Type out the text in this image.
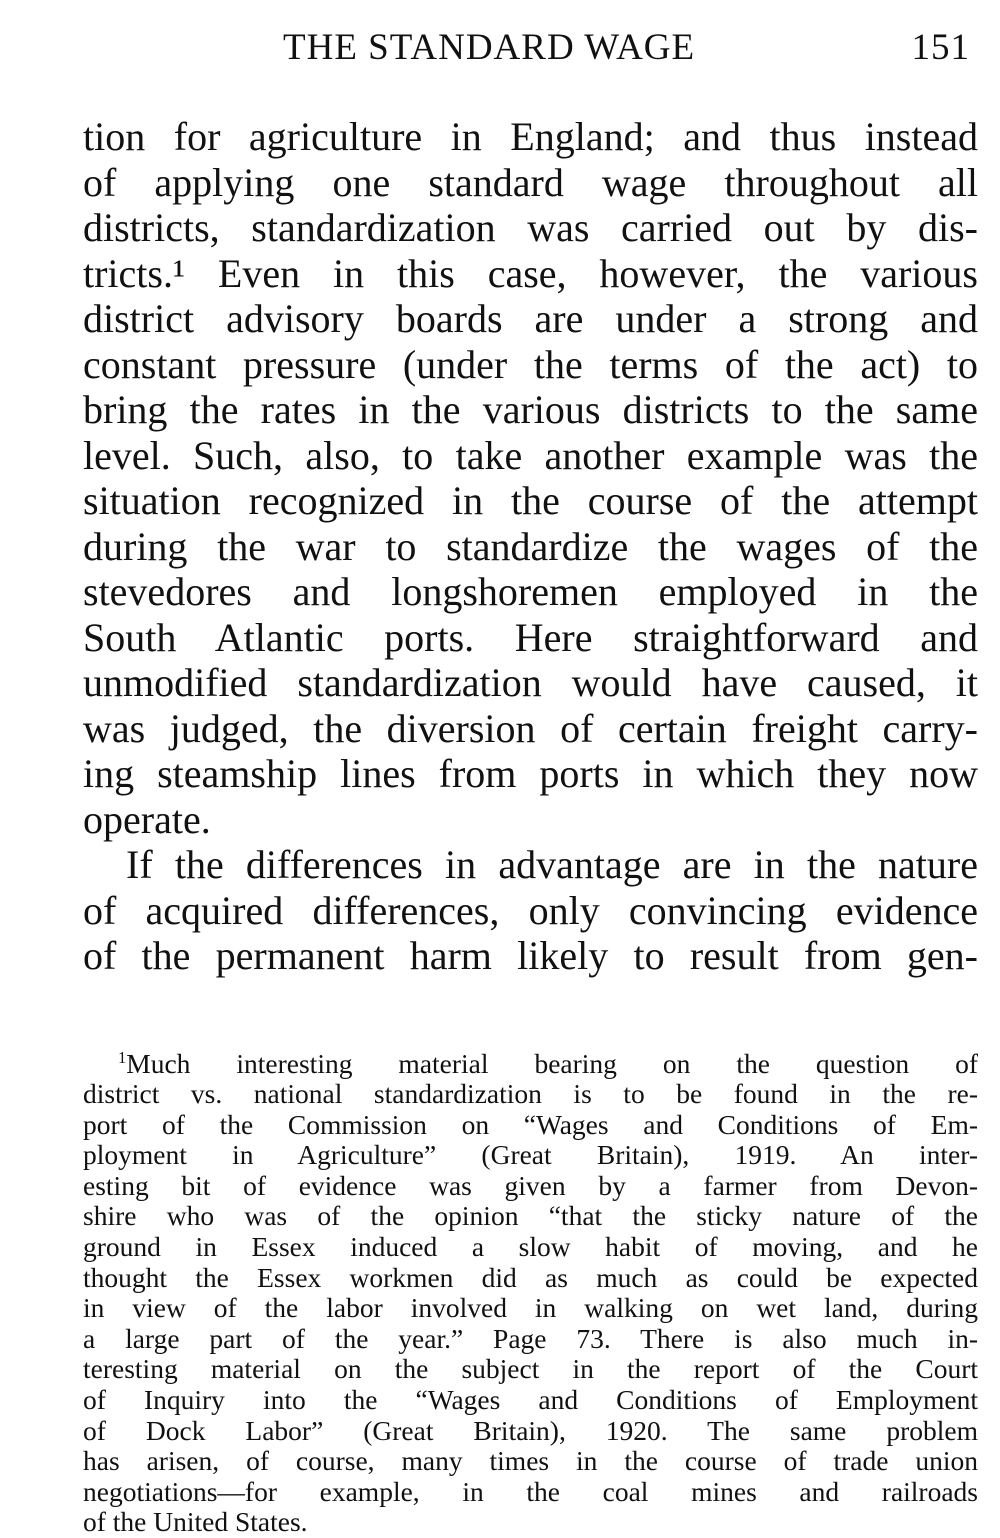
THE STANDARD WAGE	151
tion for agriculture in England; and thus instead
of applying one standard wage throughout all
districts, standardization was carried out by dis-
tricts.¹ Even in this case, however, the various
district advisory boards are under a strong and
constant pressure (under the terms of the act) to
bring the rates in the various districts to the same
level. Such, also, to take another example was the
situation recognized in the course of the attempt
during the war to standardize the wages of the
stevedores and longshoremen employed in the
South Atlantic ports. Here straightforward and
unmodified standardization would have caused, it
was judged, the diversion of certain freight carry-
ing steamship lines from ports in which they now
operate.
If the differences in advantage are in the nature
of acquired differences, only convincing evidence
of the permanent harm likely to result from gen-
$^1$Much interesting material bearing on the question of
district vs. national standardization is to be found in the re-
port of the Commission on “Wages and Conditions of Em-
ployment in Agriculture” (Great Britain), 1919. An inter-
esting bit of evidence was given by a farmer from Devon-
shire who was of the opinion “that the sticky nature of the
ground in Essex induced a slow habit of moving, and he
thought the Essex workmen did as much as could be expected
in view of the labor involved in walking on wet land, during
a large part of the year.” Page 73. There is also much in-
teresting material on the subject in the report of the Court
of Inquiry into the “Wages and Conditions of Employment
of Dock Labor” (Great Britain), 1920. The same problem
has arisen, of course, many times in the course of trade union
negotiations—for example, in the coal mines and railroads
of the United States.
